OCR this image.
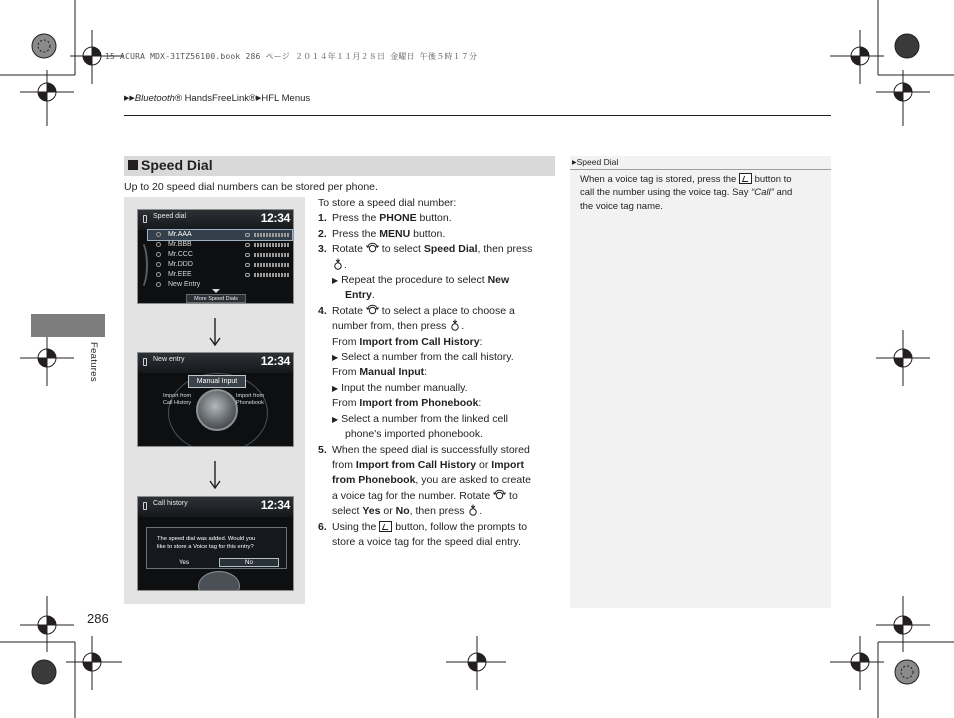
15 ACURA MDX-31TZ56100.book 286 ページ ２０１４年１１月２８日 金曜日 午後５時１７分
▶▶Bluetooth® HandsFreeLink®▶HFL Menus
Features
Speed Dial
Up to 20 speed dial numbers can be stored per phone.
Speed dial	12:34
Mr.AAA
Mr.BBB
Mr.CCC
Mr.DDD
Mr.EEE
New Entry
More Speed Dials
New entry	12:34
Manual Input
Import from
Call History
Import from
Phonebook
Call history	12:34
The speed dial was added. Would you
like to store a Voice tag for this entry?
Yes	No
To store a speed dial number:
1. Press the PHONE button.
2. Press the MENU button.
3. Rotate  to select Speed Dial, then press
.
▶ Repeat the procedure to select New
Entry.
4. Rotate  to select a place to choose a
number from, then press .
From Import from Call History:
▶ Select a number from the call history.
From Manual Input:
▶ Input the number manually.
From Import from Phonebook:
▶ Select a number from the linked cell
phone's imported phonebook.
5. When the speed dial is successfully stored
from Import from Call History or Import
from Phonebook, you are asked to create
a voice tag for the number. Rotate  to
select Yes or No, then press .
6. Using the  button, follow the prompts to
store a voice tag for the speed dial entry.
▶Speed Dial
When a voice tag is stored, press the  button to
call the number using the voice tag. Say “Call” and
the voice tag name.
286
